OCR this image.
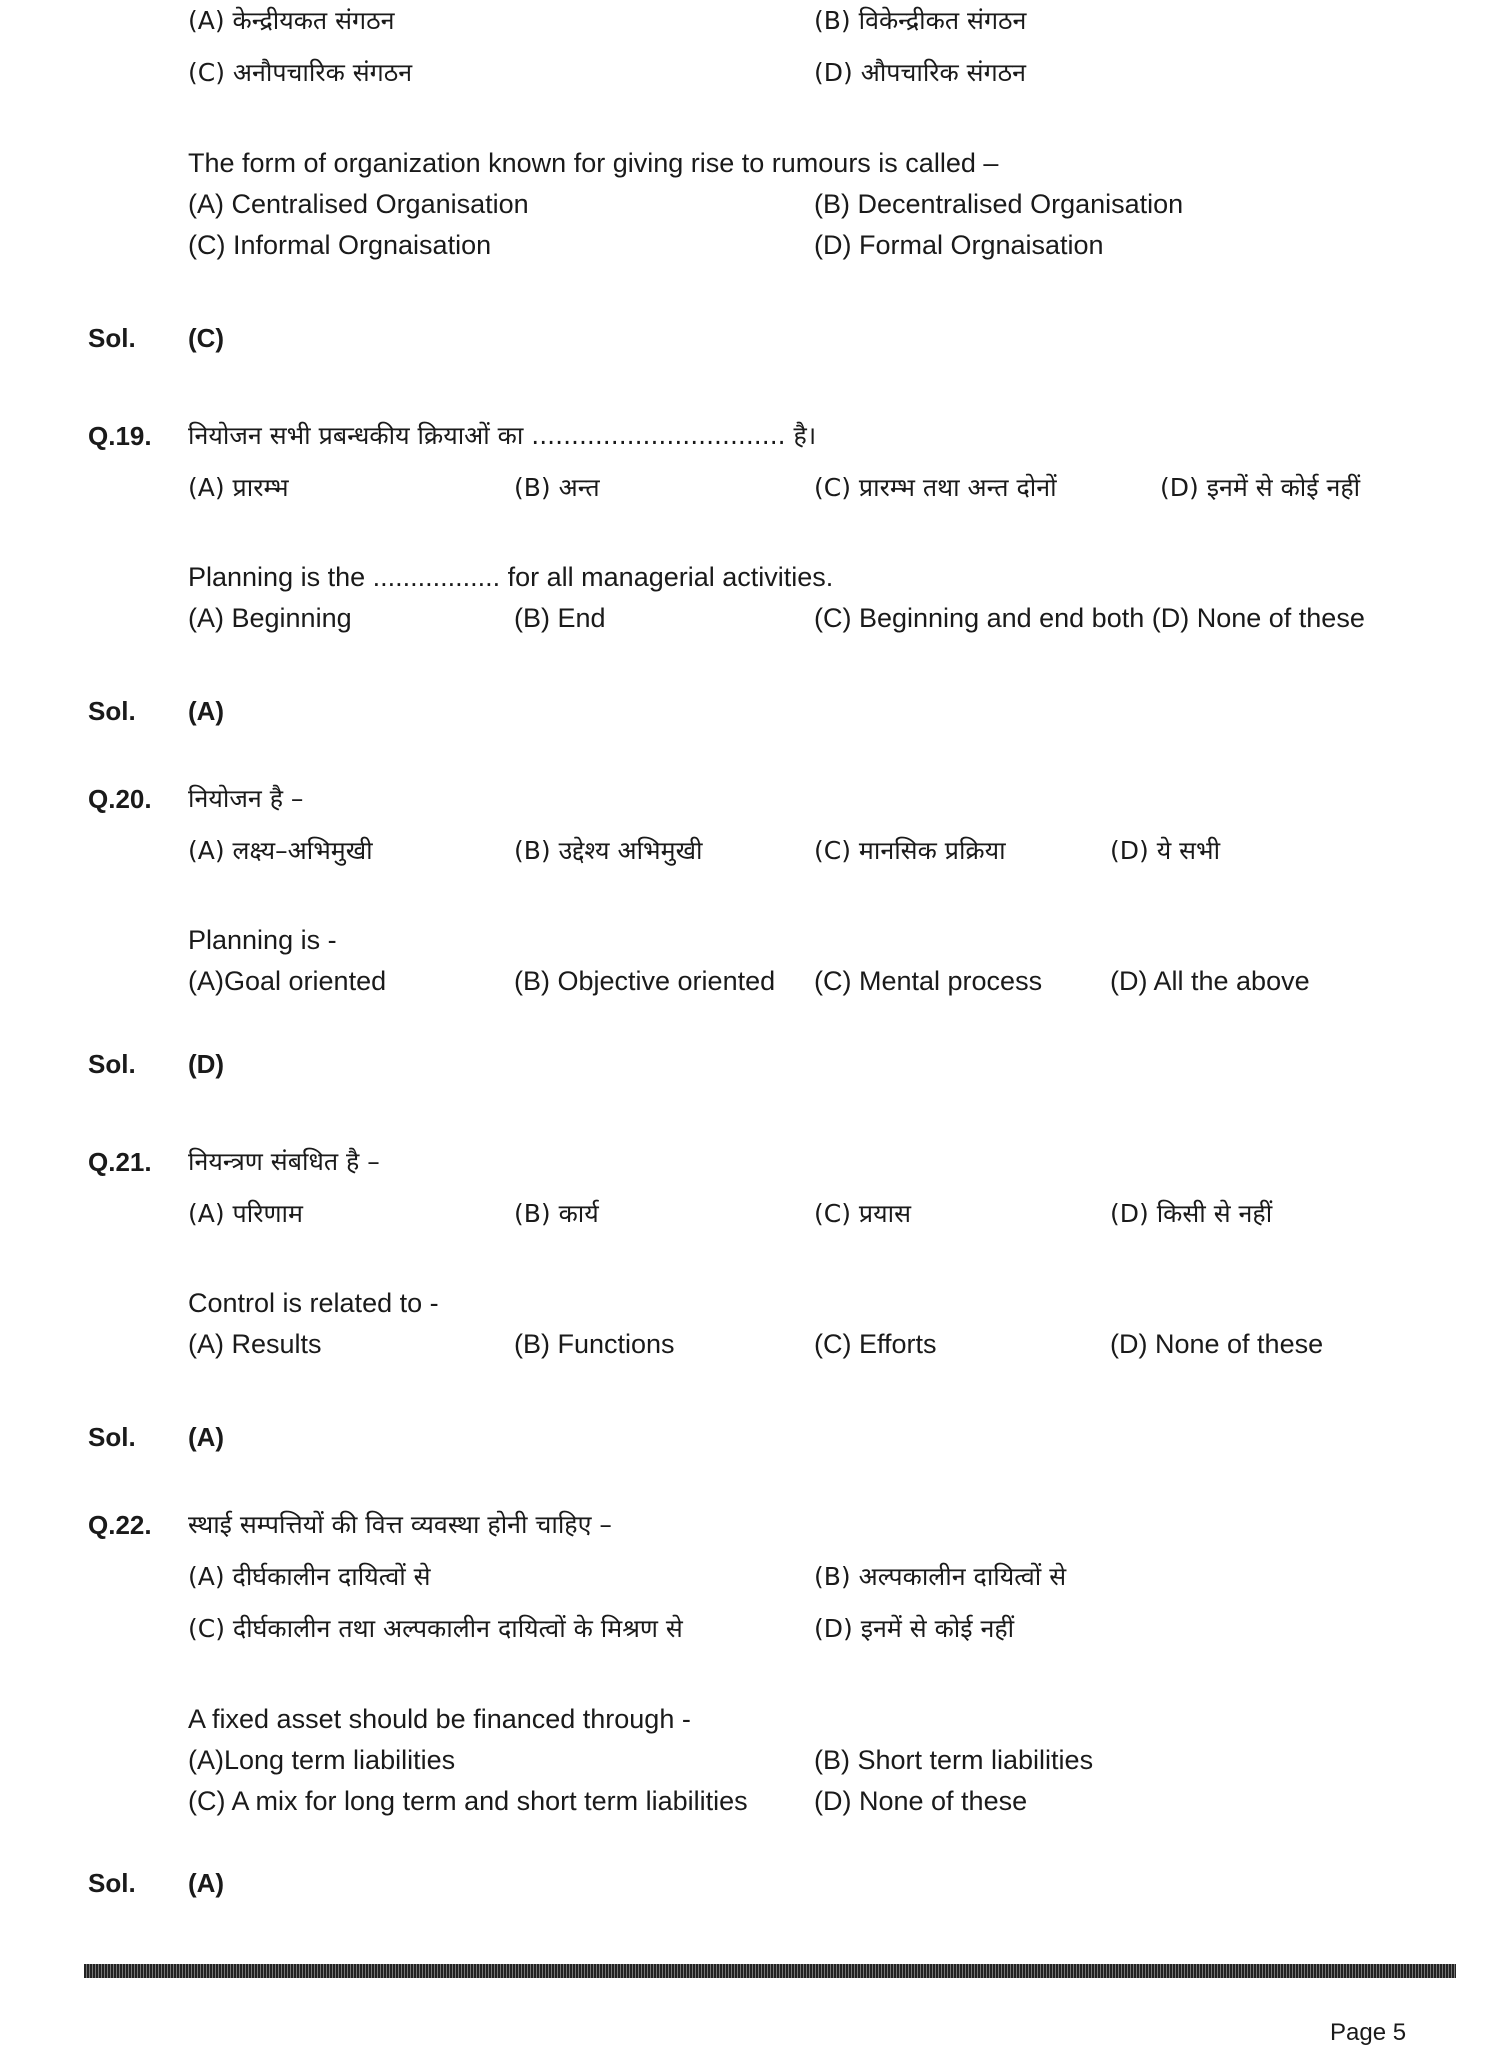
(A) केन्द्रीयकत संगठन	(B) विकेन्द्रीकत संगठन
(C) अनौपचारिक संगठन	(D) औपचारिक संगठन
The form of organization known for giving rise to rumours is called –
(A) Centralised Organisation	(B) Decentralised Organisation
(C) Informal Orgnaisation	(D) Formal Orgnaisation
Sol. (C)
Q.19. नियोजन सभी प्रबन्धकीय क्रियाओं का ................................ है।
(A) प्रारम्भ	(B) अन्त	(C) प्रारम्भ तथा अन्त दोनों	(D) इनमें से कोई नहीं
Planning is the ................. for all managerial activities.
(A) Beginning	(B) End	(C) Beginning and end both (D) None of these
Sol. (A)
Q.20. नियोजन है –
(A) लक्ष्य–अभिमुखी	(B) उद्देश्य अभिमुखी	(C) मानसिक प्रक्रिया	(D) ये सभी
Planning is -
(A)Goal oriented	(B) Objective oriented (C) Mental process	(D) All the above
Sol. (D)
Q.21. नियन्त्रण संबधित है –
(A) परिणाम	(B) कार्य	(C) प्रयास	(D) किसी से नहीं
Control is related to -
(A) Results	(B) Functions	(C) Efforts	(D) None of these
Sol. (A)
Q.22. स्थाई सम्पत्तियों की वित्त व्यवस्था होनी चाहिए –
(A) दीर्घकालीन दायित्वों से	(B) अल्पकालीन दायित्वों से
(C) दीर्घकालीन तथा अल्पकालीन दायित्वों के मिश्रण से	(D) इनमें से कोई नहीं
A fixed asset should be financed through -
(A)Long term liabilities	(B) Short term liabilities
(C) A mix for long term and short term liabilities (D) None of these
Sol. (A)
Page 5
